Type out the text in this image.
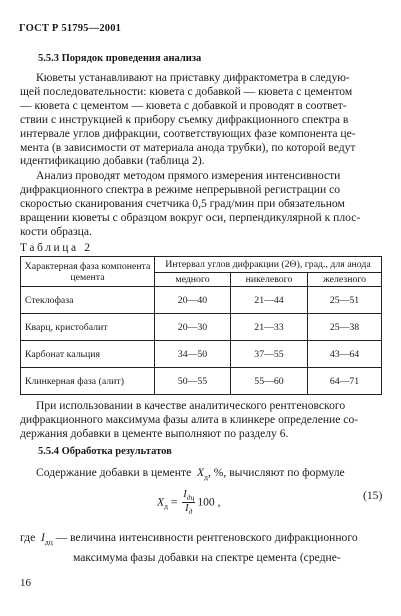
ГОСТ Р 51795—2001
5.5.3 Порядок проведения анализа
Кюветы устанавливают на приставку дифрактометра в следую-
щей последовательности: кювета с добавкой — кювета с цементом
— кювета с цементом — кювета с добавкой и проводят в соответ-
ствии с инструкцией к прибору съемку дифракционного спектра в
интервале углов дифракции, соответствующих фазе компонента це-
мента (в зависимости от материала анода трубки), по которой ведут
идентификацию добавки (таблица 2).
Анализ проводят методом прямого измерения интенсивности
дифракционного спектра в режиме непрерывной регистрации со
скоростью сканирования счетчика 0,5 град/мин при обязательном
вращении кюветы с образцом вокруг оси, перпендикулярной к плос-
кости образца.
Таблица 2
Характерная фаза компонента цемента	Интервал углов дифракции (2Θ), град., для анода		
	медного	никелевого	железного
Стеклофаза	20—40	21—44	25—51
Кварц, кристобалит	20—30	21—33	25—38
Карбонат кальция	34—50	37—55	43—64
Клинкерная фаза (алит)	50—55	55—60	64—71
При использовании в качестве аналитического рентгеновского
дифракционного максимума фазы алита в клинкере определение со-
держания добавки в цементе выполняют по разделу 6.
5.5.4 Обработка результатов
Содержание добавки в цементе $X_д$, %, вычисляют по формуле
$X_д = \frac{I_{дц}}{I_д} 100$ ,	(15)
где $I_{дц}$ — величина интенсивности рентгеновского дифракционного
максимума фазы добавки на спектре цемента (средне-
16
